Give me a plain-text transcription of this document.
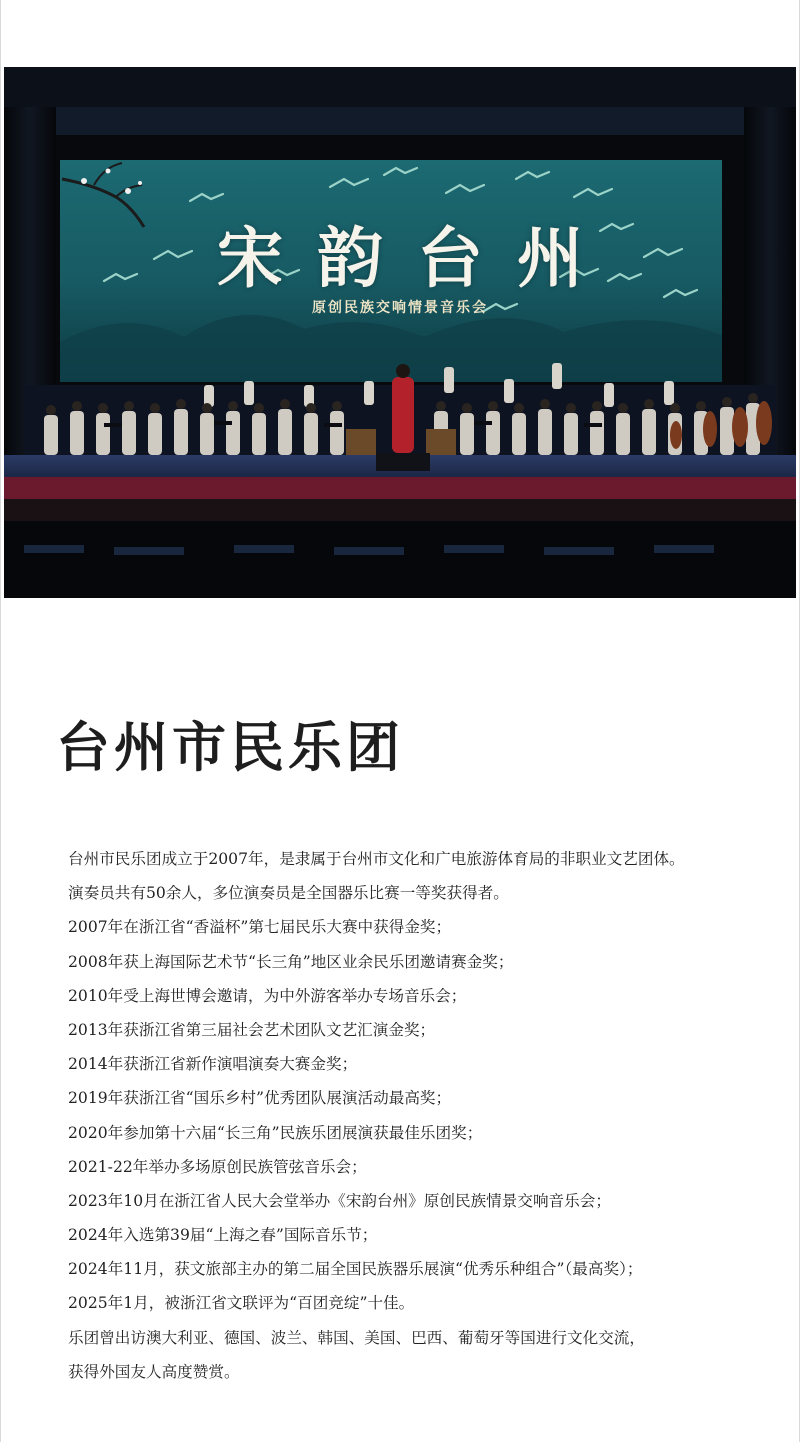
宋韵台州
原创民族交响情景音乐会
台州市民乐团
台州市民乐团成立于2007年，是隶属于台州市文化和广电旅游体育局的非职业文艺团体。
演奏员共有50余人，多位演奏员是全国器乐比赛一等奖获得者。
2007年在浙江省“香溢杯”第七届民乐大赛中获得金奖；
2008年获上海国际艺术节“长三角”地区业余民乐团邀请赛金奖；
2010年受上海世博会邀请，为中外游客举办专场音乐会；
2013年获浙江省第三届社会艺术团队文艺汇演金奖；
2014年获浙江省新作演唱演奏大赛金奖；
2019年获浙江省“国乐乡村”优秀团队展演活动最高奖；
2020年参加第十六届“长三角”民族乐团展演获最佳乐团奖；
2021-22年举办多场原创民族管弦音乐会；
2023年10月在浙江省人民大会堂举办《宋韵台州》原创民族情景交响音乐会；
2024年入选第39届“上海之春”国际音乐节；
2024年11月，获文旅部主办的第二届全国民族器乐展演“优秀乐种组合”（最高奖）；
2025年1月，被浙江省文联评为“百团竞绽”十佳。
乐团曾出访澳大利亚、德国、波兰、韩国、美国、巴西、葡萄牙等国进行文化交流，
获得外国友人高度赞赏。
